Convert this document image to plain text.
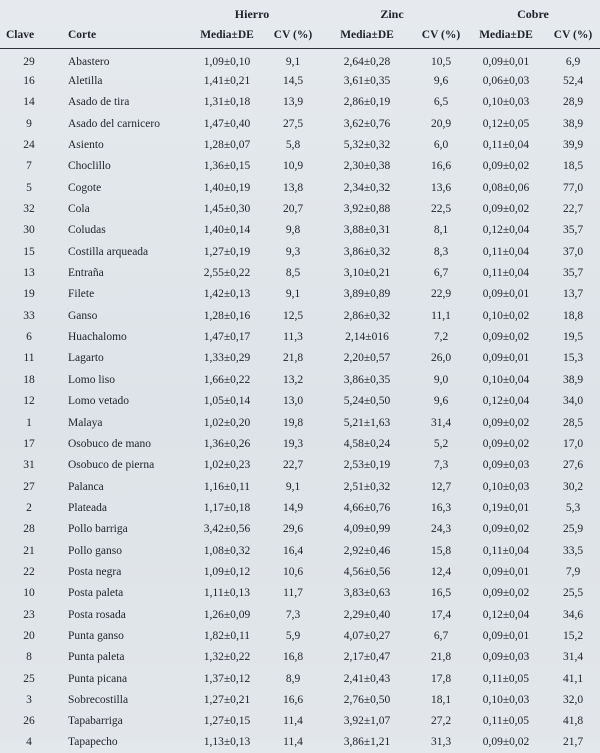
		Hierro		Zinc		Cobre	
Clave	Corte	Media±DE	CV (%)	Media±DE	CV (%)	Media±DE	CV (%)

29	Abastero	1,09±0,10	9,1	2,64±0,28	10,5	0,09±0,01	6,9
16	Aletilla	1,41±0,21	14,5	3,61±0,35	9,6	0,06±0,03	52,4
14	Asado de tira	1,31±0,18	13,9	2,86±0,19	6,5	0,10±0,03	28,9
9	Asado del carnicero	1,47±0,40	27,5	3,62±0,76	20,9	0,12±0,05	38,9
24	Asiento	1,28±0,07	5,8	5,32±0,32	6,0	0,11±0,04	39,9
7	Choclillo	1,36±0,15	10,9	2,30±0,38	16,6	0,09±0,02	18,5
5	Cogote	1,40±0,19	13,8	2,34±0,32	13,6	0,08±0,06	77,0
32	Cola	1,45±0,30	20,7	3,92±0,88	22,5	0,09±0,02	22,7
30	Coludas	1,40±0,14	9,8	3,88±0,31	8,1	0,12±0,04	35,7
15	Costilla arqueada	1,27±0,19	9,3	3,86±0,32	8,3	0,11±0,04	37,0
13	Entraña	2,55±0,22	8,5	3,10±0,21	6,7	0,11±0,04	35,7
19	Filete	1,42±0,13	9,1	3,89±0,89	22,9	0,09±0,01	13,7
33	Ganso	1,28±0,16	12,5	2,86±0,32	11,1	0,10±0,02	18,8
6	Huachalomo	1,47±0,17	11,3	2,14±016	7,2	0,09±0,02	19,5
11	Lagarto	1,33±0,29	21,8	2,20±0,57	26,0	0,09±0,01	15,3
18	Lomo liso	1,66±0,22	13,2	3,86±0,35	9,0	0,10±0,04	38,9
12	Lomo vetado	1,05±0,14	13,0	5,24±0,50	9,6	0,12±0,04	34,0
1	Malaya	1,02±0,20	19,8	5,21±1,63	31,4	0,09±0,02	28,5
17	Osobuco de mano	1,36±0,26	19,3	4,58±0,24	5,2	0,09±0,02	17,0
31	Osobuco de pierna	1,02±0,23	22,7	2,53±0,19	7,3	0,09±0,03	27,6
27	Palanca	1,16±0,11	9,1	2,51±0,32	12,7	0,10±0,03	30,2
2	Plateada	1,17±0,18	14,9	4,66±0,76	16,3	0,19±0,01	5,3
28	Pollo barriga	3,42±0,56	29,6	4,09±0,99	24,3	0,09±0,02	25,9
21	Pollo ganso	1,08±0,32	16,4	2,92±0,46	15,8	0,11±0,04	33,5
22	Posta negra	1,09±0,12	10,6	4,56±0,56	12,4	0,09±0,01	7,9
10	Posta paleta	1,11±0,13	11,7	3,83±0,63	16,5	0,09±0,02	25,5
23	Posta rosada	1,26±0,09	7,3	2,29±0,40	17,4	0,12±0,04	34,6
20	Punta ganso	1,82±0,11	5,9	4,07±0,27	6,7	0,09±0,01	15,2
8	Punta paleta	1,32±0,22	16,8	2,17±0,47	21,8	0,09±0,03	31,4
25	Punta picana	1,37±0,12	8,9	2,41±0,43	17,8	0,11±0,05	41,1
3	Sobrecostilla	1,27±0,21	16,6	2,76±0,50	18,1	0,10±0,03	32,0
26	Tapabarriga	1,27±0,15	11,4	3,92±1,07	27,2	0,11±0,05	41,8
4	Tapapecho	1,13±0,13	11,4	3,86±1,21	31,3	0,09±0,02	21,7
